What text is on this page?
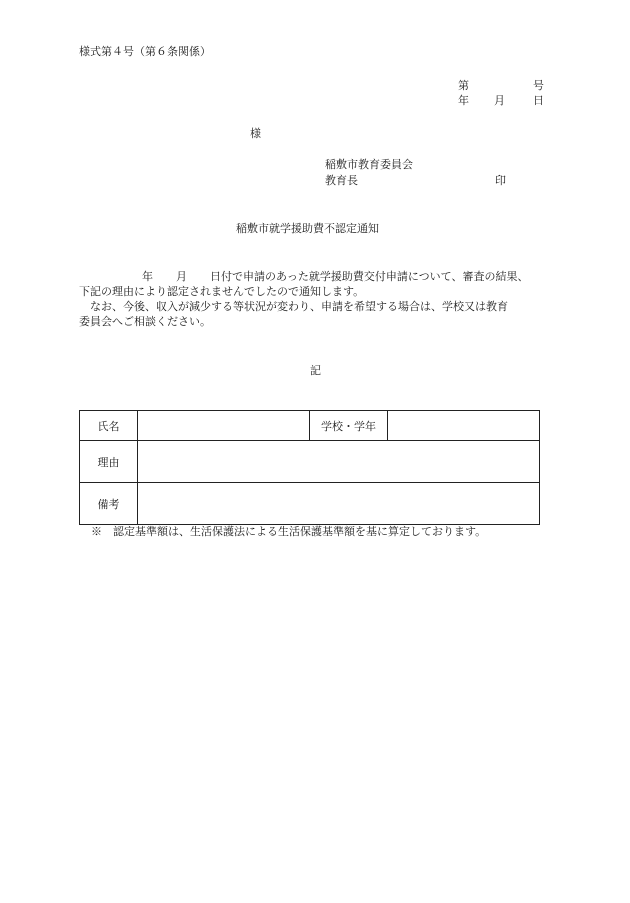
様式第４号（第６条関係）
第	号
年 月	日
様
稲敷市教育委員会
教育長	印
稲敷市就学援助費不認定通知

年 月 日付で申請のあった就学援助費交付申請について、審査の結果、

下記の理由により認定されませんでしたので通知します。

　なお、今後、収入が減少する等状況が変わり、申請を希望する場合は、学校又は教育

委員会へご相談ください。

記
氏名		学校・学年	
理由			
備考			
※　認定基準額は、生活保護法による生活保護基準額を基に算定しております。
